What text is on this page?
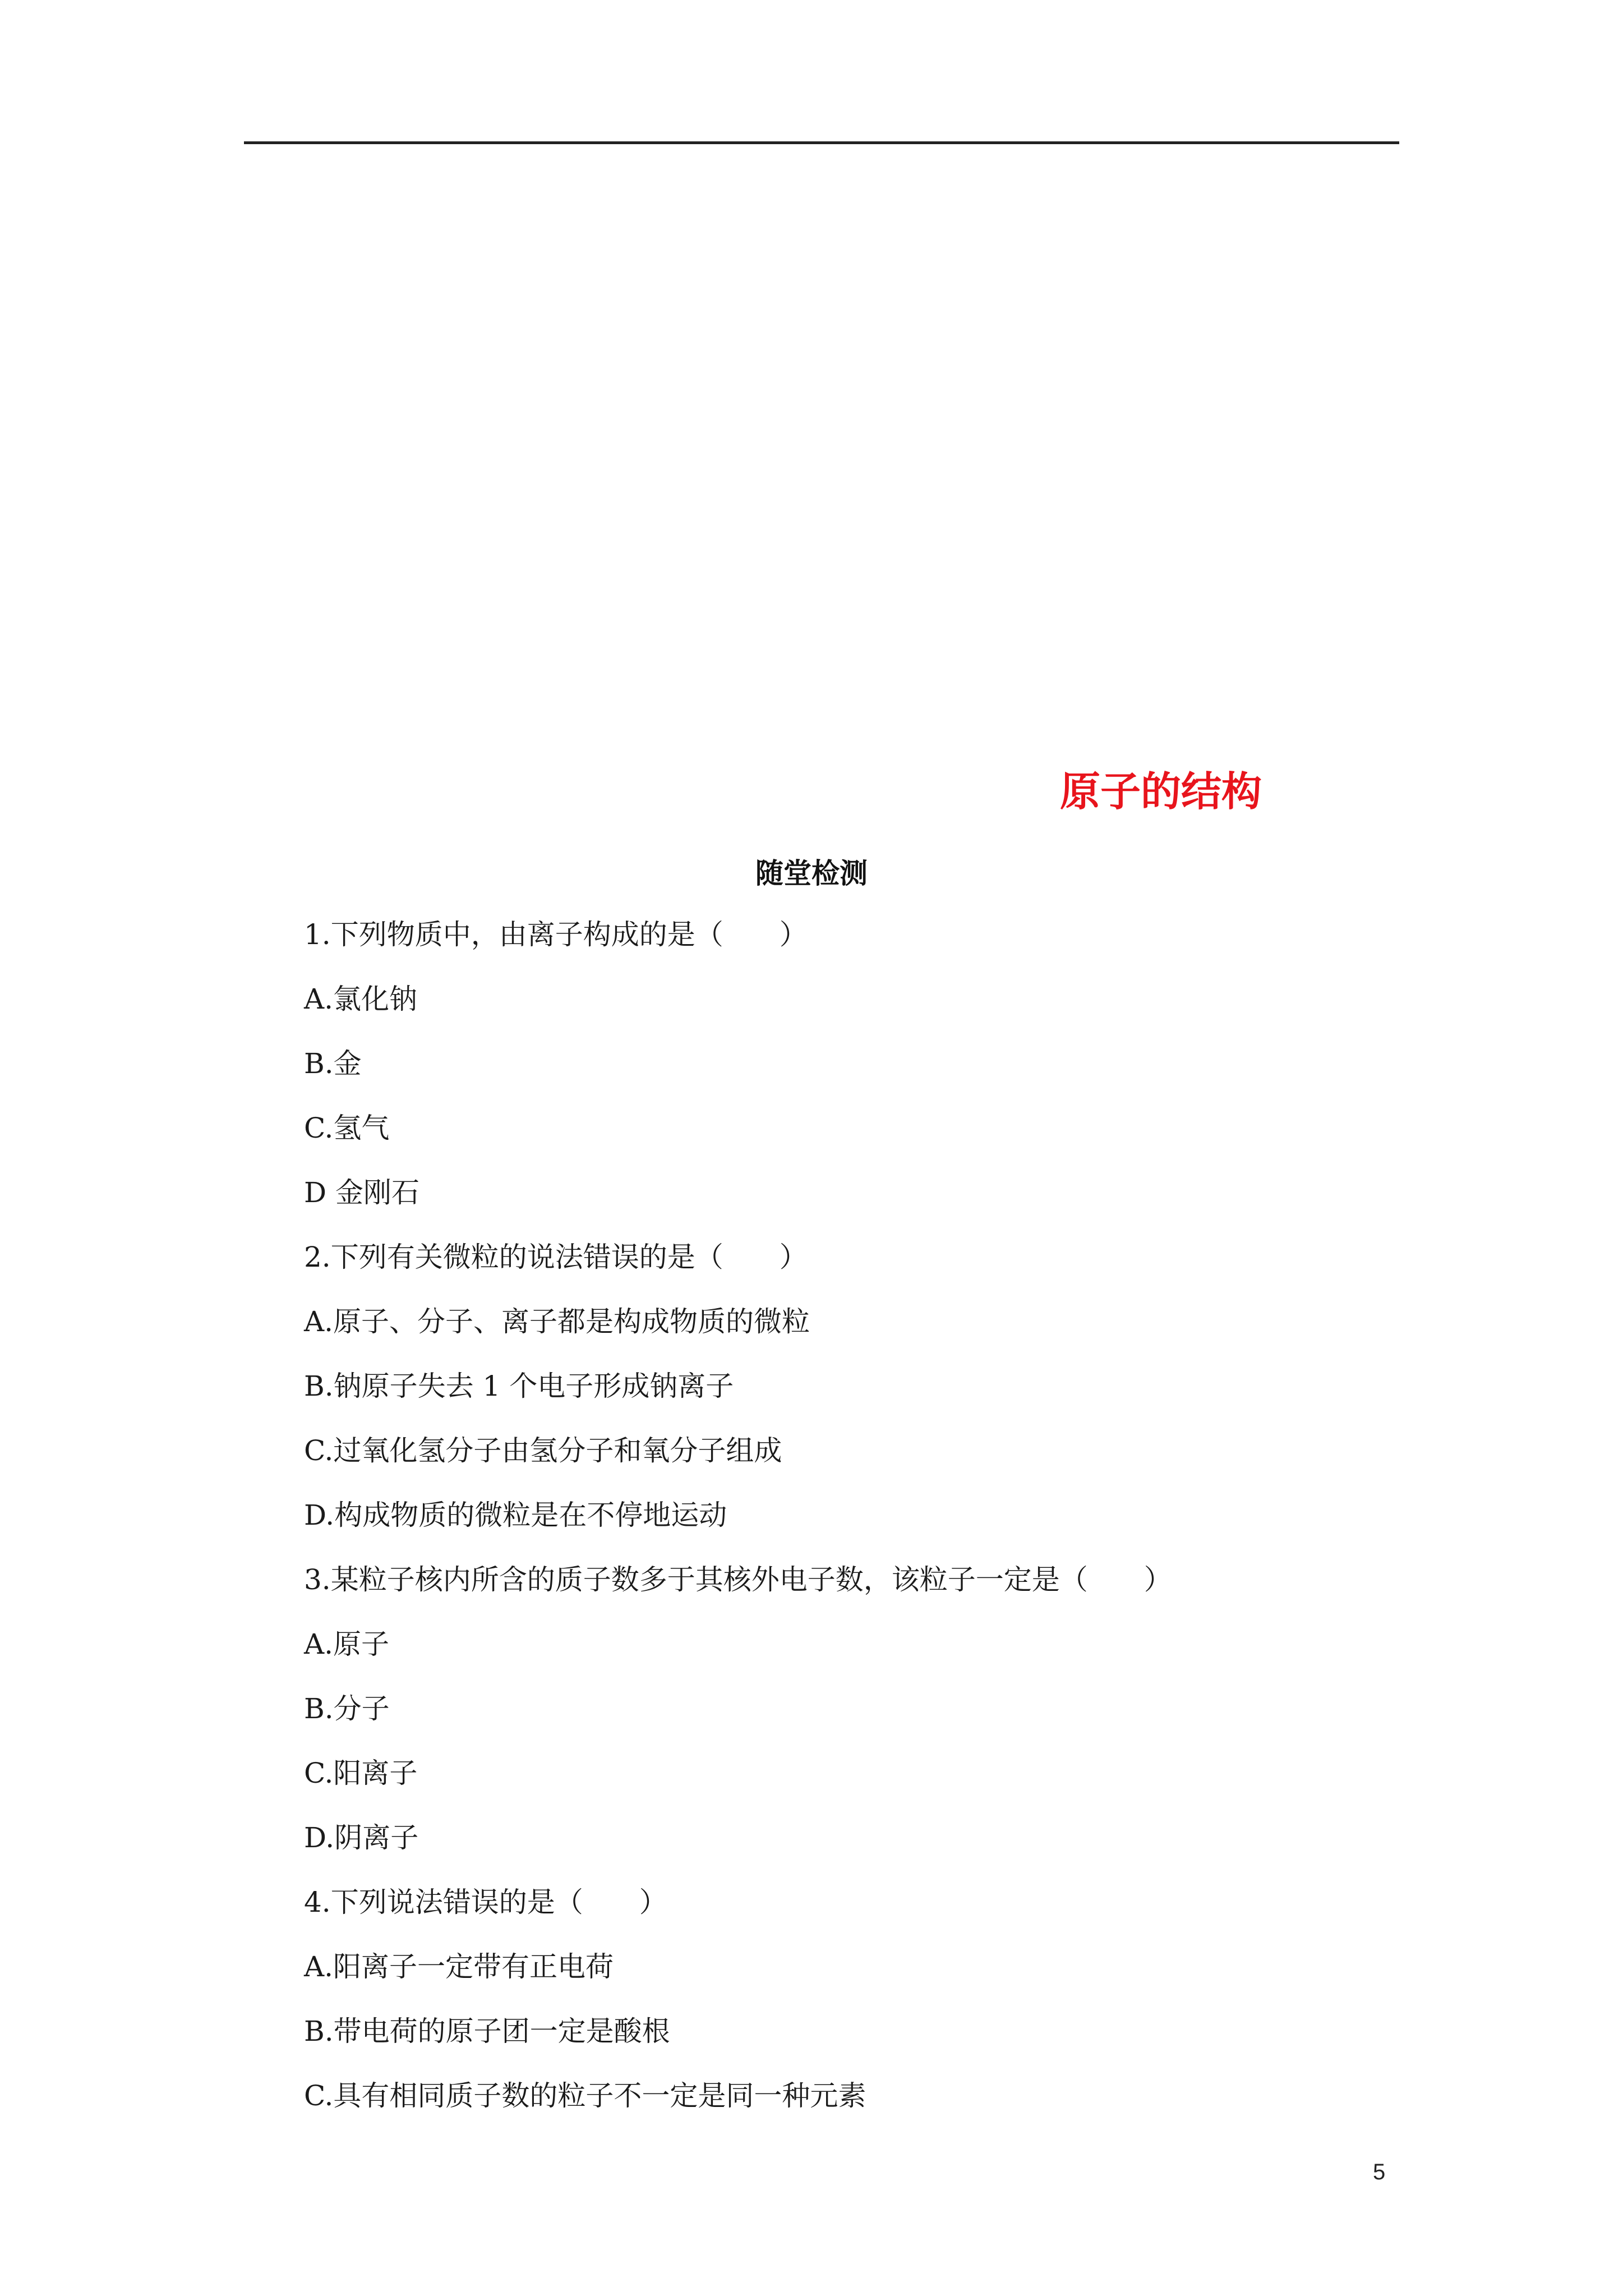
原子的结构
随堂检测
1.下列物质中，由离子构成的是（　　）
A.氯化钠
B.金
C.氢气
D 金刚石
2.下列有关微粒的说法错误的是（　　）
A.原子、分子、离子都是构成物质的微粒
B.钠原子失去 1 个电子形成钠离子
C.过氧化氢分子由氢分子和氧分子组成
D.构成物质的微粒是在不停地运动
3.某粒子核内所含的质子数多于其核外电子数，该粒子一定是（　　）
A.原子
B.分子
C.阳离子
D.阴离子
4.下列说法错误的是（　　）
A.阳离子一定带有正电荷
B.带电荷的原子团一定是酸根
C.具有相同质子数的粒子不一定是同一种元素
5
